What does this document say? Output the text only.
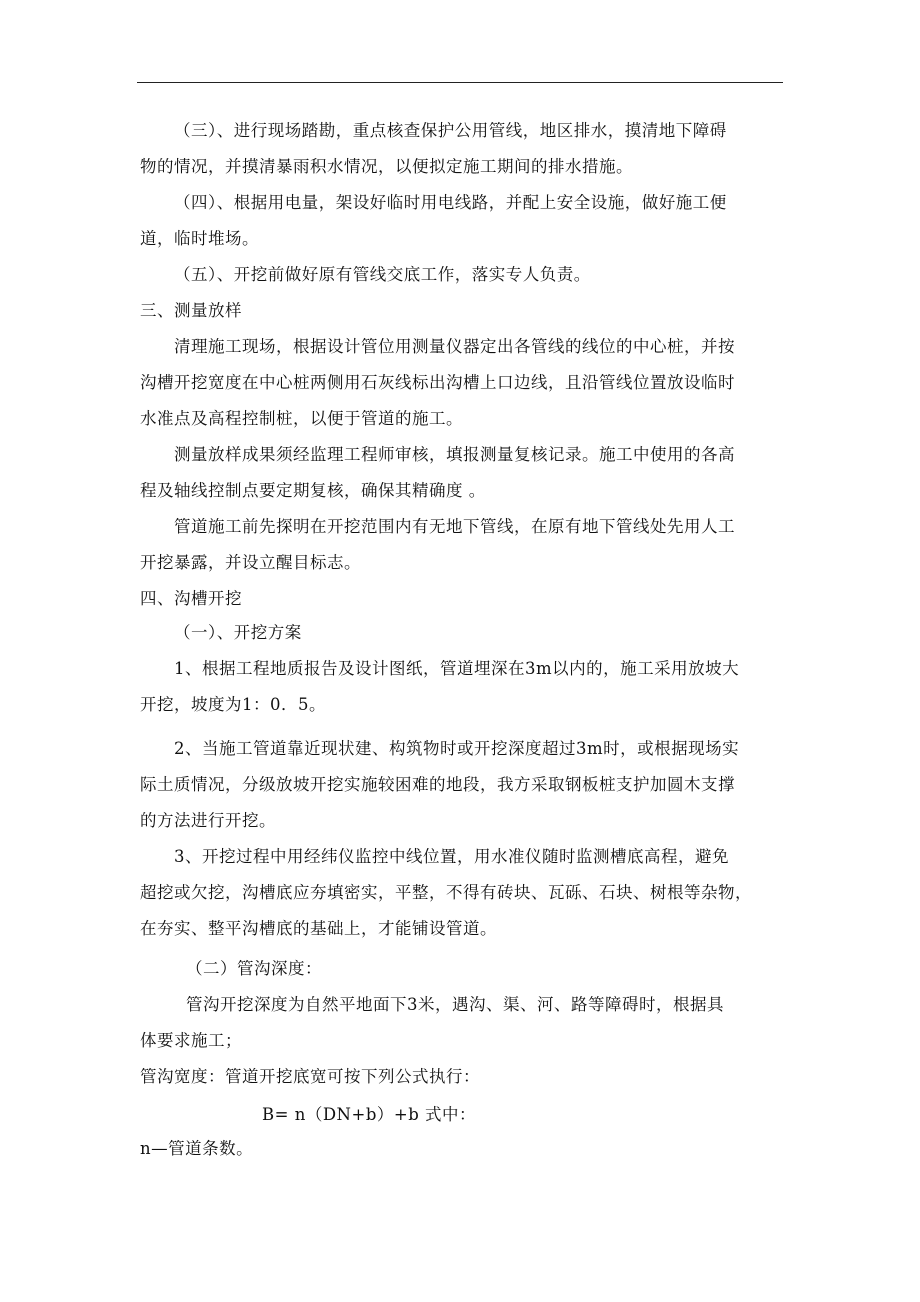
（三）、进行现场踏勘，重点核查保护公用管线，地区排水，摸清地下障碍
物的情况，并摸清暴雨积水情况，以便拟定施工期间的排水措施。
（四）、根据用电量，架设好临时用电线路，并配上安全设施，做好施工便
道，临时堆场。
（五）、开挖前做好原有管线交底工作，落实专人负责。
三、测量放样
清理施工现场，根据设计管位用测量仪器定出各管线的线位的中心桩，并按
沟槽开挖宽度在中心桩两侧用石灰线标出沟槽上口边线，且沿管线位置放设临时
水准点及高程控制桩，以便于管道的施工。
测量放样成果须经监理工程师审核，填报测量复核记录。施工中使用的各高
程及轴线控制点要定期复核，确保其精确度 。
管道施工前先探明在开挖范围内有无地下管线，在原有地下管线处先用人工
开挖暴露，并设立醒目标志。
四、沟槽开挖
（一）、开挖方案
1、根据工程地质报告及设计图纸，管道埋深在3m以内的，施工采用放坡大
开挖，坡度为1：0．5。
2、当施工管道靠近现状建、构筑物时或开挖深度超过3m时，或根据现场实
际土质情况，分级放坡开挖实施较困难的地段，我方采取钢板桩支护加圆木支撑
的方法进行开挖。
3、开挖过程中用经纬仪监控中线位置，用水准仪随时监测槽底高程，避免
超挖或欠挖，沟槽底应夯填密实，平整，不得有砖块、瓦砾、石块、树根等杂物，
在夯实、整平沟槽底的基础上，才能铺设管道。
（二）管沟深度：
管沟开挖深度为自然平地面下3米，遇沟、渠、河、路等障碍时，根据具
体要求施工；
管沟宽度：管道开挖底宽可按下列公式执行：
B= n（DN+b）+b 式中：
n—管道条数。
